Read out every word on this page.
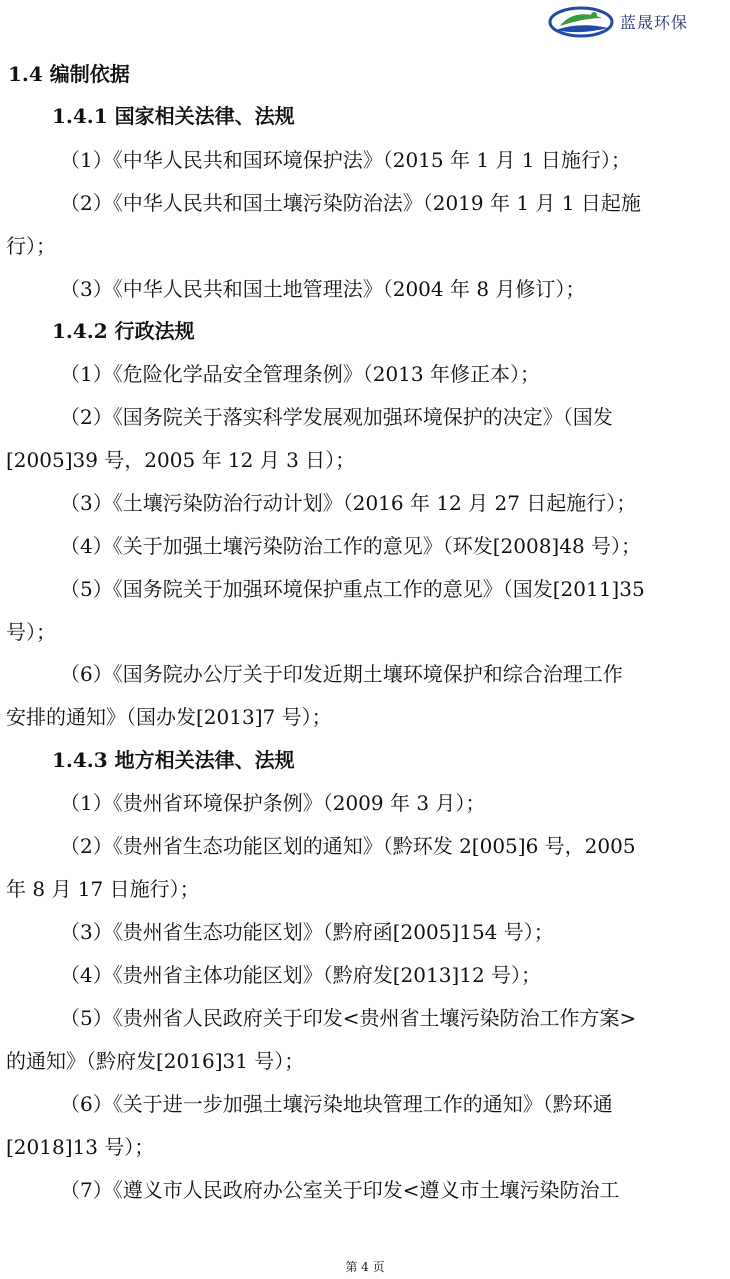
蓝晟环保
1.4 编制依据
1.4.1 国家相关法律、法规
（1）《中华人民共和国环境保护法》（2015 年 1 月 1 日施行）；
（2）《中华人民共和国土壤污染防治法》（2019 年 1 月 1 日起施
行）；
（3）《中华人民共和国土地管理法》（2004 年 8 月修订）；
1.4.2 行政法规
（1）《危险化学品安全管理条例》（2013 年修正本）；
（2）《国务院关于落实科学发展观加强环境保护的决定》（国发
[2005]39 号，2005 年 12 月 3 日）；
（3）《土壤污染防治行动计划》（2016 年 12 月 27 日起施行）；
（4）《关于加强土壤污染防治工作的意见》（环发[2008]48 号）；
（5）《国务院关于加强环境保护重点工作的意见》（国发[2011]35
号）；
（6）《国务院办公厅关于印发近期土壤环境保护和综合治理工作
安排的通知》（国办发[2013]7 号）；
1.4.3 地方相关法律、法规
（1）《贵州省环境保护条例》（2009 年 3 月）；
（2）《贵州省生态功能区划的通知》（黔环发 2[005]6 号，2005
年 8 月 17 日施行）；
（3）《贵州省生态功能区划》（黔府函[2005]154 号）；
（4）《贵州省主体功能区划》（黔府发[2013]12 号）；
（5）《贵州省人民政府关于印发<贵州省土壤污染防治工作方案>
的通知》（黔府发[2016]31 号）；
（6）《关于进一步加强土壤污染地块管理工作的通知》（黔环通
[2018]13 号）；
（7）《遵义市人民政府办公室关于印发<遵义市土壤污染防治工
第 4 页
